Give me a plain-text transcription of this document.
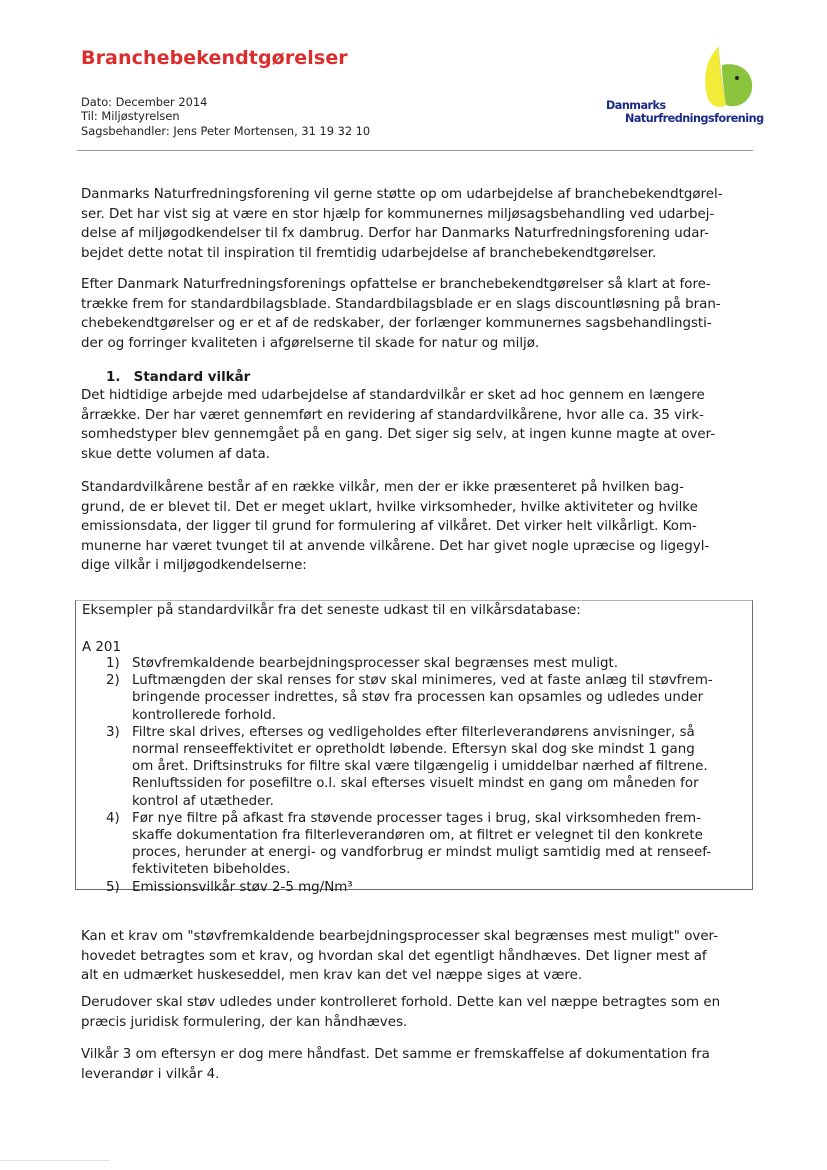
Branchebekendtgørelser
Dato: December 2014
Til: Miljøstyrelsen
Sagsbehandler: Jens Peter Mortensen, 31 19 32 10
Danmarks
Naturfredningsforening

Danmarks Naturfredningsforening vil gerne støtte op om udarbejdelse af branchebekendtgørel-
ser. Det har vist sig at være en stor hjælp for kommunernes miljøsagsbehandling ved udarbej-
delse af miljøgodkendelser til fx dambrug. Derfor har Danmarks Naturfredningsforening udar-
bejdet dette notat til inspiration til fremtidig udarbejdelse af branchebekendtgørelser.

Efter Danmark Naturfredningsforenings opfattelse er branchebekendtgørelser så klart at fore-
trække frem for standardbilagsblade. Standardbilagsblade er en slags discountløsning på bran-
chebekendtgørelser og er et af de redskaber, der forlænger kommunernes sagsbehandlingsti-
der og forringer kvaliteten i afgørelserne til skade for natur og miljø.

1. Standard vilkår

Det hidtidige arbejde med udarbejdelse af standardvilkår er sket ad hoc gennem en længere
årrække. Der har været gennemført en revidering af standardvilkårene, hvor alle ca. 35 virk-
somhedstyper blev gennemgået på en gang. Det siger sig selv, at ingen kunne magte at over-
skue dette volumen af data.

Standardvilkårene består af en række vilkår, men der er ikke præsenteret på hvilken bag-
grund, de er blevet til. Det er meget uklart, hvilke virksomheder, hvilke aktiviteter og hvilke
emissionsdata, der ligger til grund for formulering af vilkåret. Det virker helt vilkårligt. Kom-
munerne har været tvunget til at anvende vilkårene. Det har givet nogle upræcise og ligegyl-
dige vilkår i miljøgodkendelserne:

Kan et krav om "støvfremkaldende bearbejdningsprocesser skal begrænses mest muligt" over-
hovedet betragtes som et krav, og hvordan skal det egentligt håndhæves. Det ligner mest af
alt en udmærket huskeseddel, men krav kan det vel næppe siges at være.

Derudover skal støv udledes under kontrolleret forhold. Dette kan vel næppe betragtes som en
præcis juridisk formulering, der kan håndhæves.

Vilkår 3 om eftersyn er dog mere håndfast. Det samme er fremskaffelse af dokumentation fra
leverandør i vilkår 4.

Eksempler på standardvilkår fra det seneste udkast til en vilkårsdatabase:
A 201
1) Støvfremkaldende bearbejdningsprocesser skal begrænses mest muligt.
2) Luftmængden der skal renses for støv skal minimeres, ved at faste anlæg til støvfrem-
bringende processer indrettes, så støv fra processen kan opsamles og udledes under
kontrollerede forhold.
3) Filtre skal drives, efterses og vedligeholdes efter filterleverandørens anvisninger, så
normal renseeffektivitet er opretholdt løbende. Eftersyn skal dog ske mindst 1 gang
om året. Driftsinstruks for filtre skal være tilgængelig i umiddelbar nærhed af filtrene.
Renluftssiden for posefiltre o.l. skal efterses visuelt mindst en gang om måneden for
kontrol af utætheder.
4) Før nye filtre på afkast fra støvende processer tages i brug, skal virksomheden frem-
skaffe dokumentation fra filterleverandøren om, at filtret er velegnet til den konkrete
proces, herunder at energi- og vandforbrug er mindst muligt samtidig med at renseef-
fektiviteten bibeholdes.
5) Emissionsvilkår støv 2-5 mg/Nm³
